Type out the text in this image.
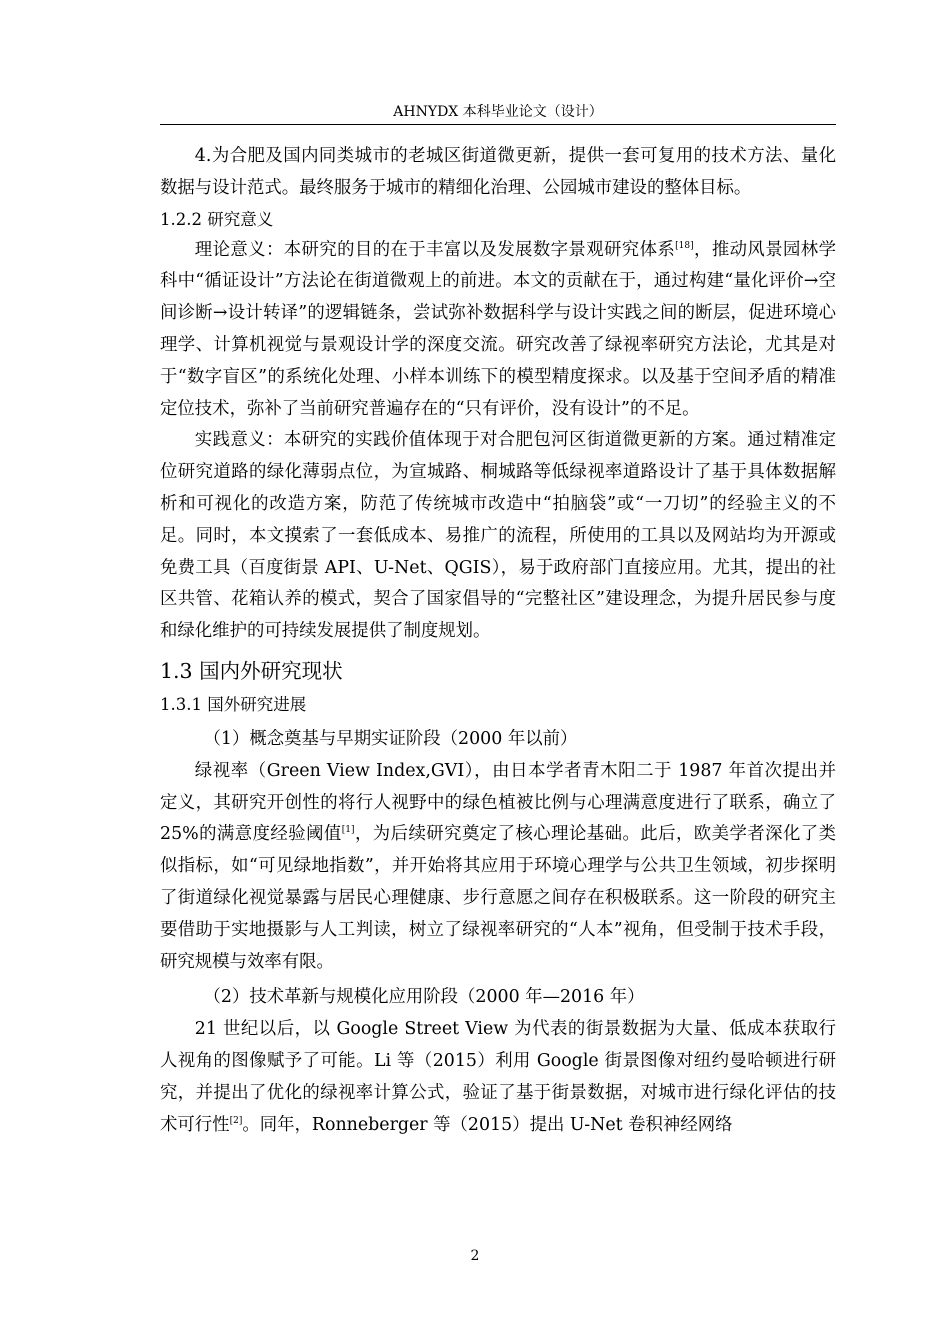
AHNYDX 本科毕业论文（设计）

4.为合肥及国内同类城市的老城区街道微更新，提供一套可复用的技术方法、量化数据与设计范式。最终服务于城市的精细化治理、公园城市建设的整体目标。

1.2.2 研究意义

理论意义：本研究的目的在于丰富以及发展数字景观研究体系[18]，推动风景园林学科中“循证设计”方法论在街道微观上的前进。本文的贡献在于，通过构建“量化评价→空间诊断→设计转译”的逻辑链条，尝试弥补数据科学与设计实践之间的断层，促进环境心理学、计算机视觉与景观设计学的深度交流。研究改善了绿视率研究方法论，尤其是对于“数字盲区”的系统化处理、小样本训练下的模型精度探求。以及基于空间矛盾的精准定位技术，弥补了当前研究普遍存在的“只有评价，没有设计”的不足。

实践意义：本研究的实践价值体现于对合肥包河区街道微更新的方案。通过精准定位研究道路的绿化薄弱点位，为宣城路、桐城路等低绿视率道路设计了基于具体数据解析和可视化的改造方案，防范了传统城市改造中“拍脑袋”或“一刀切”的经验主义的不足。同时，本文摸索了一套低成本、易推广的流程，所使用的工具以及网站均为开源或免费工具（百度街景 API、U-Net、QGIS），易于政府部门直接应用。尤其，提出的社区共管、花箱认养的模式，契合了国家倡导的“完整社区”建设理念，为提升居民参与度和绿化维护的可持续发展提供了制度规划。

1.3 国内外研究现状
1.3.1 国外研究进展

（1）概念奠基与早期实证阶段（2000 年以前）

绿视率（Green View Index,GVI），由日本学者青木阳二于 1987 年首次提出并定义，其研究开创性的将行人视野中的绿色植被比例与心理满意度进行了联系，确立了 25%的满意度经验阈值[1]，为后续研究奠定了核心理论基础。此后，欧美学者深化了类似指标，如“可见绿地指数”，并开始将其应用于环境心理学与公共卫生领域，初步探明了街道绿化视觉暴露与居民心理健康、步行意愿之间存在积极联系。这一阶段的研究主要借助于实地摄影与人工判读，树立了绿视率研究的“人本”视角，但受制于技术手段，研究规模与效率有限。

（2）技术革新与规模化应用阶段（2000 年—2016 年）

21 世纪以后，以 Google Street View 为代表的街景数据为大量、低成本获取行人视角的图像赋予了可能。Li 等（2015）利用 Google 街景图像对纽约曼哈顿进行研究，并提出了优化的绿视率计算公式，验证了基于街景数据，对城市进行绿化评估的技术可行性[2]。同年，Ronneberger 等（2015）提出 U-Net 卷积神经网络

2
